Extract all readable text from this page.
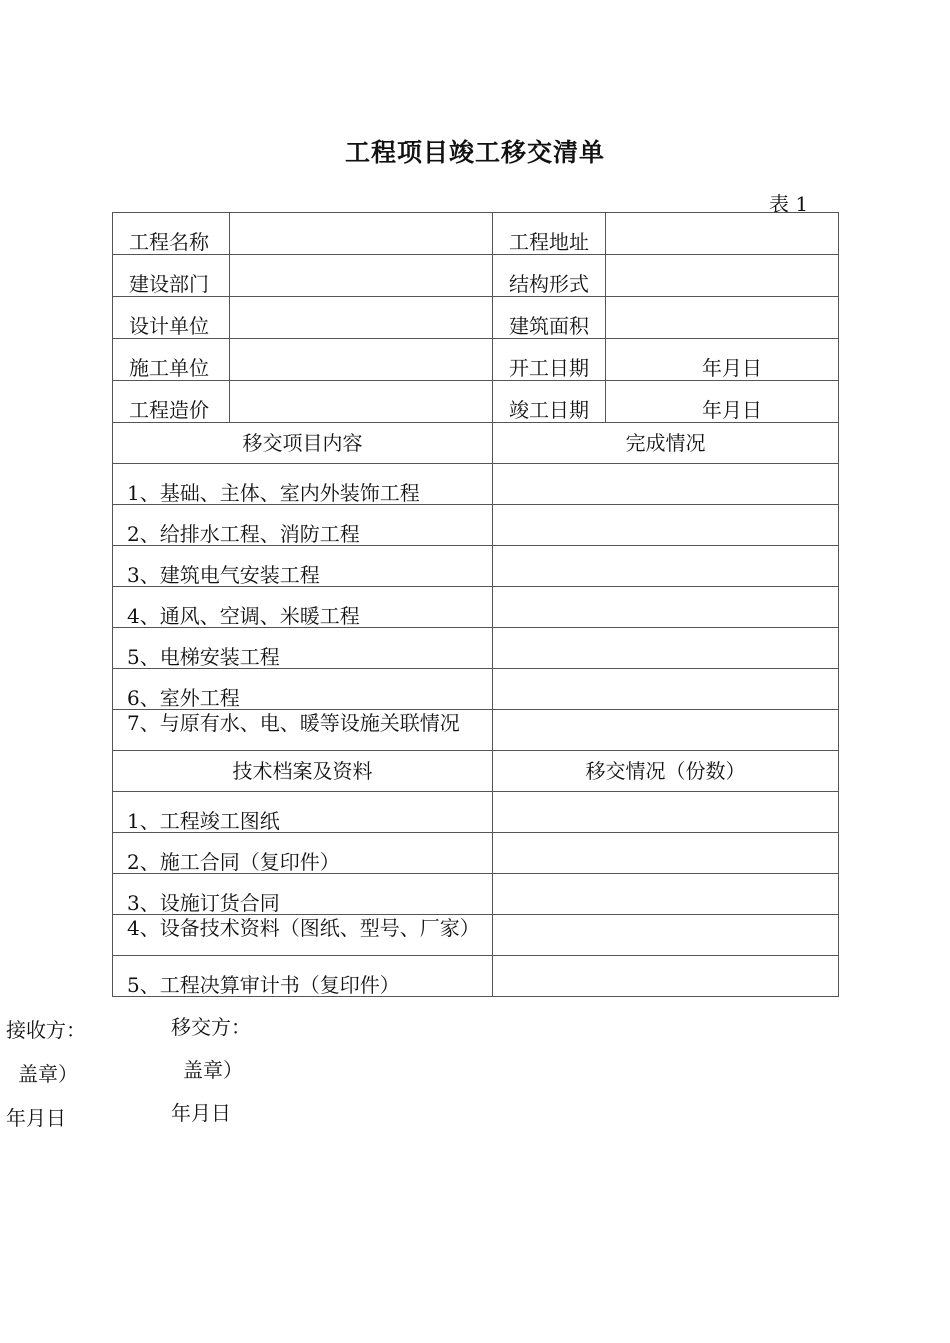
工程项目竣工移交清单
表 1
工程名称		工程地址	
建设部门		结构形式	
设计单位		建筑面积	
施工单位		开工日期	年月日
工程造价		竣工日期	年月日
移交项目内容		完成情况	
1、基础、主体、室内外装饰工程			
2、给排水工程、消防工程			
3、建筑电气安装工程			
4、通风、空调、米暖工程			
5、电梯安装工程			
6、室外工程			

7、与原有水、电、暖等设施关联情况			

技术档案及资料		移交情况（份数）	
1、工程竣工图纸			
2、施工合同（复印件）			
3、设施订货合同			

4、设备技术资料（图纸、型号、厂家）			

5、工程决算审计书（复印件）			
接收方：
盖章）
年月日
移交方：
盖章）
年月日
